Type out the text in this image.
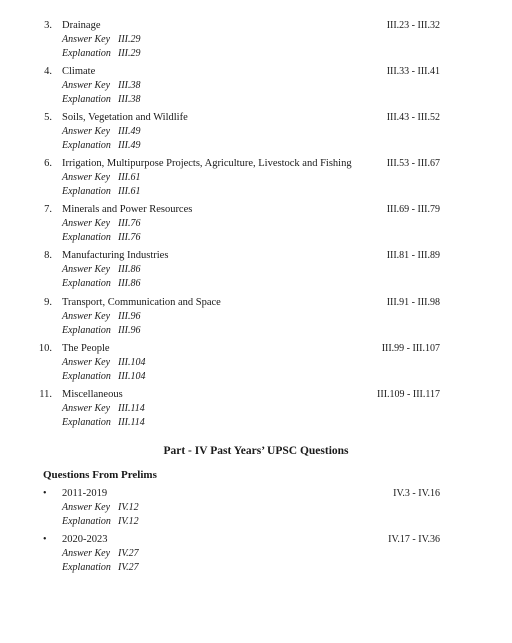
3. Drainage	III.23 - III.32
Answer Key III.29
Explanation III.29
4. Climate	III.33 - III.41
Answer Key III.38
Explanation III.38
5. Soils, Vegetation and Wildlife	III.43 - III.52
Answer Key III.49
Explanation III.49
6. Irrigation, Multipurpose Projects, Agriculture, Livestock and Fishing	III.53 - III.67
Answer Key III.61
Explanation III.61
7. Minerals and Power Resources	III.69 - III.79
Answer Key III.76
Explanation III.76
8. Manufacturing Industries	III.81 - III.89
Answer Key III.86
Explanation III.86
9. Transport, Communication and Space	III.91 - III.98
Answer Key III.96
Explanation III.96
10. The People	III.99 - III.107
Answer Key III.104
Explanation III.104
11. Miscellaneous	III.109 - III.117
Answer Key III.114
Explanation III.114
Part - IV Past Years’ UPSC Questions
Questions From Prelims
• 2011-2019	IV.3 - IV.16
Answer Key IV.12
Explanation IV.12
• 2020-2023	IV.17 - IV.36
Answer Key IV.27
Explanation IV.27
